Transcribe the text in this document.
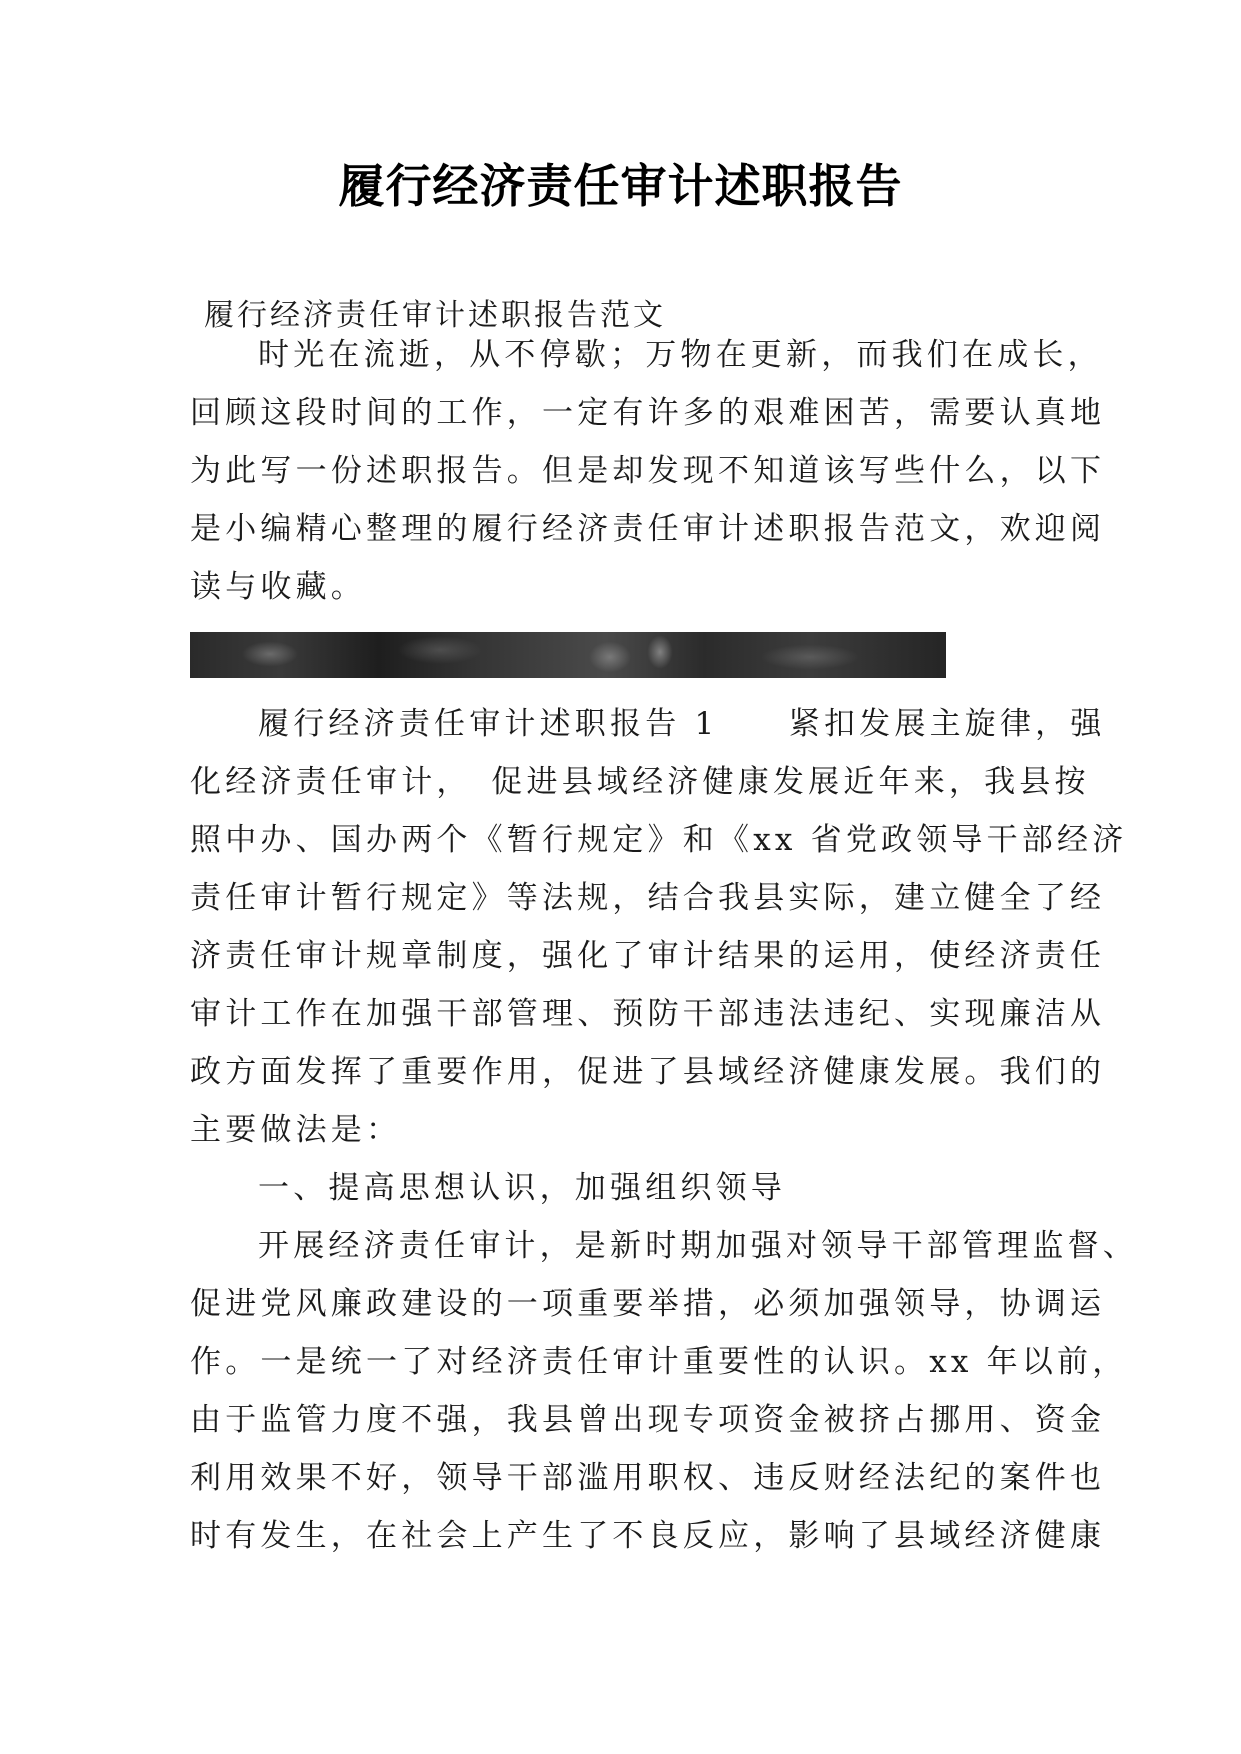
履行经济责任审计述职报告
履行经济责任审计述职报告范文
时光在流逝，从不停歇；万物在更新，而我们在成长，
回顾这段时间的工作，一定有许多的艰难困苦，需要认真地
为此写一份述职报告。但是却发现不知道该写些什么，以下
是小编精心整理的履行经济责任审计述职报告范文，欢迎阅
读与收藏。
履行经济责任审计述职报告 1　　紧扣发展主旋律，强
化经济责任审计，　促进县域经济健康发展近年来，我县按
照中办、国办两个《暂行规定》和《xx 省党政领导干部经济
责任审计暂行规定》等法规，结合我县实际，建立健全了经
济责任审计规章制度，强化了审计结果的运用，使经济责任
审计工作在加强干部管理、预防干部违法违纪、实现廉洁从
政方面发挥了重要作用，促进了县域经济健康发展。我们的
主要做法是：
一、提高思想认识，加强组织领导
开展经济责任审计，是新时期加强对领导干部管理监督、
促进党风廉政建设的一项重要举措，必须加强领导，协调运
作。一是统一了对经济责任审计重要性的认识。xx 年以前，
由于监管力度不强，我县曾出现专项资金被挤占挪用、资金
利用效果不好，领导干部滥用职权、违反财经法纪的案件也
时有发生，在社会上产生了不良反应，影响了县域经济健康
